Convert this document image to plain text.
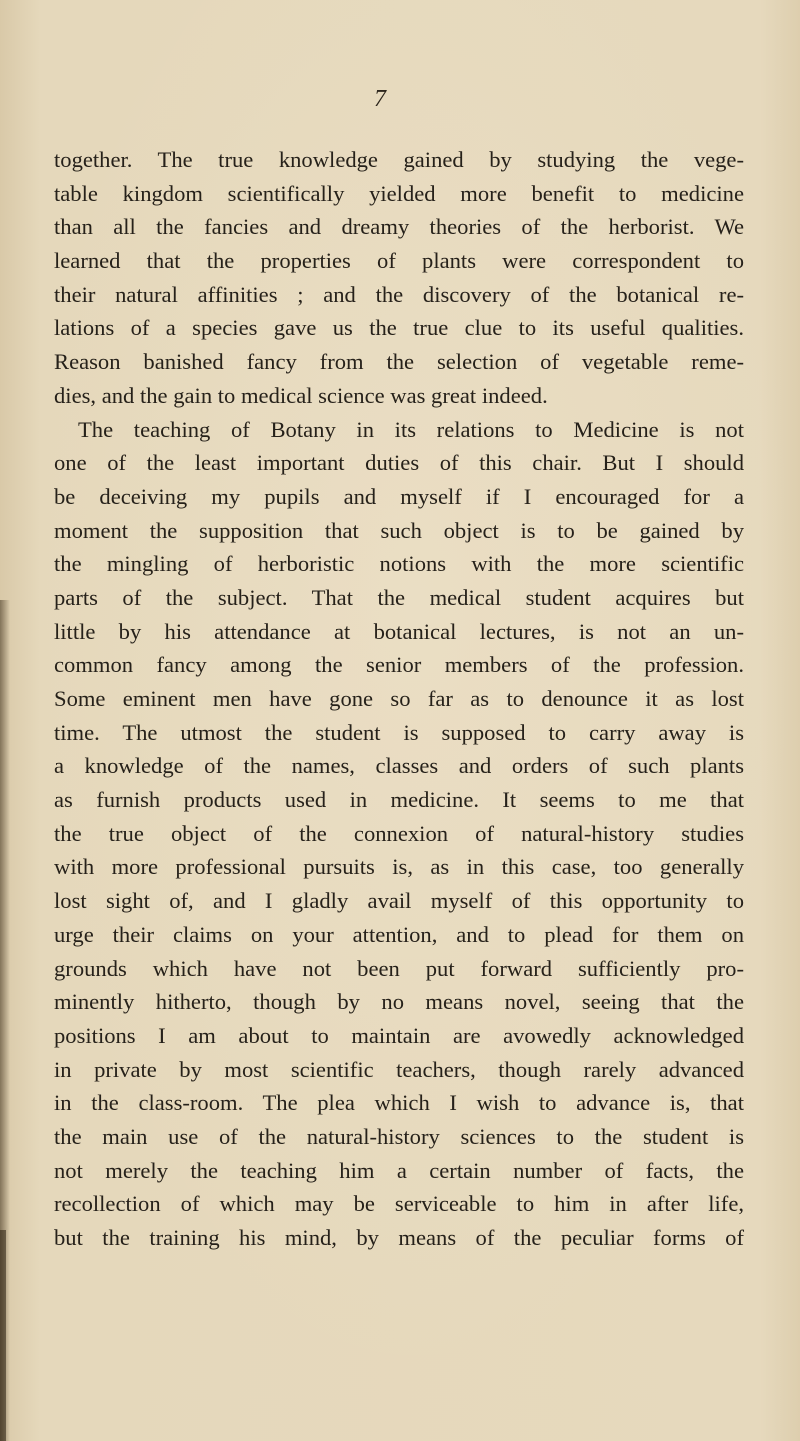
7
together. The true knowledge gained by studying the vege-
table kingdom scientifically yielded more benefit to medicine
than all the fancies and dreamy theories of the herborist. We
learned that the properties of plants were correspondent to
their natural affinities ; and the discovery of the botanical re-
lations of a species gave us the true clue to its useful qualities.
Reason banished fancy from the selection of vegetable reme-
dies, and the gain to medical science was great indeed.
The teaching of Botany in its relations to Medicine is not
one of the least important duties of this chair. But I should
be deceiving my pupils and myself if I encouraged for a
moment the supposition that such object is to be gained by
the mingling of herboristic notions with the more scientific
parts of the subject. That the medical student acquires but
little by his attendance at botanical lectures, is not an un-
common fancy among the senior members of the profession.
Some eminent men have gone so far as to denounce it as lost
time. The utmost the student is supposed to carry away is
a knowledge of the names, classes and orders of such plants
as furnish products used in medicine. It seems to me that
the true object of the connexion of natural-history studies
with more professional pursuits is, as in this case, too generally
lost sight of, and I gladly avail myself of this opportunity to
urge their claims on your attention, and to plead for them on
grounds which have not been put forward sufficiently pro-
minently hitherto, though by no means novel, seeing that the
positions I am about to maintain are avowedly acknowledged
in private by most scientific teachers, though rarely advanced
in the class-room. The plea which I wish to advance is, that
the main use of the natural-history sciences to the student is
not merely the teaching him a certain number of facts, the
recollection of which may be serviceable to him in after life,
but the training his mind, by means of the peculiar forms of
